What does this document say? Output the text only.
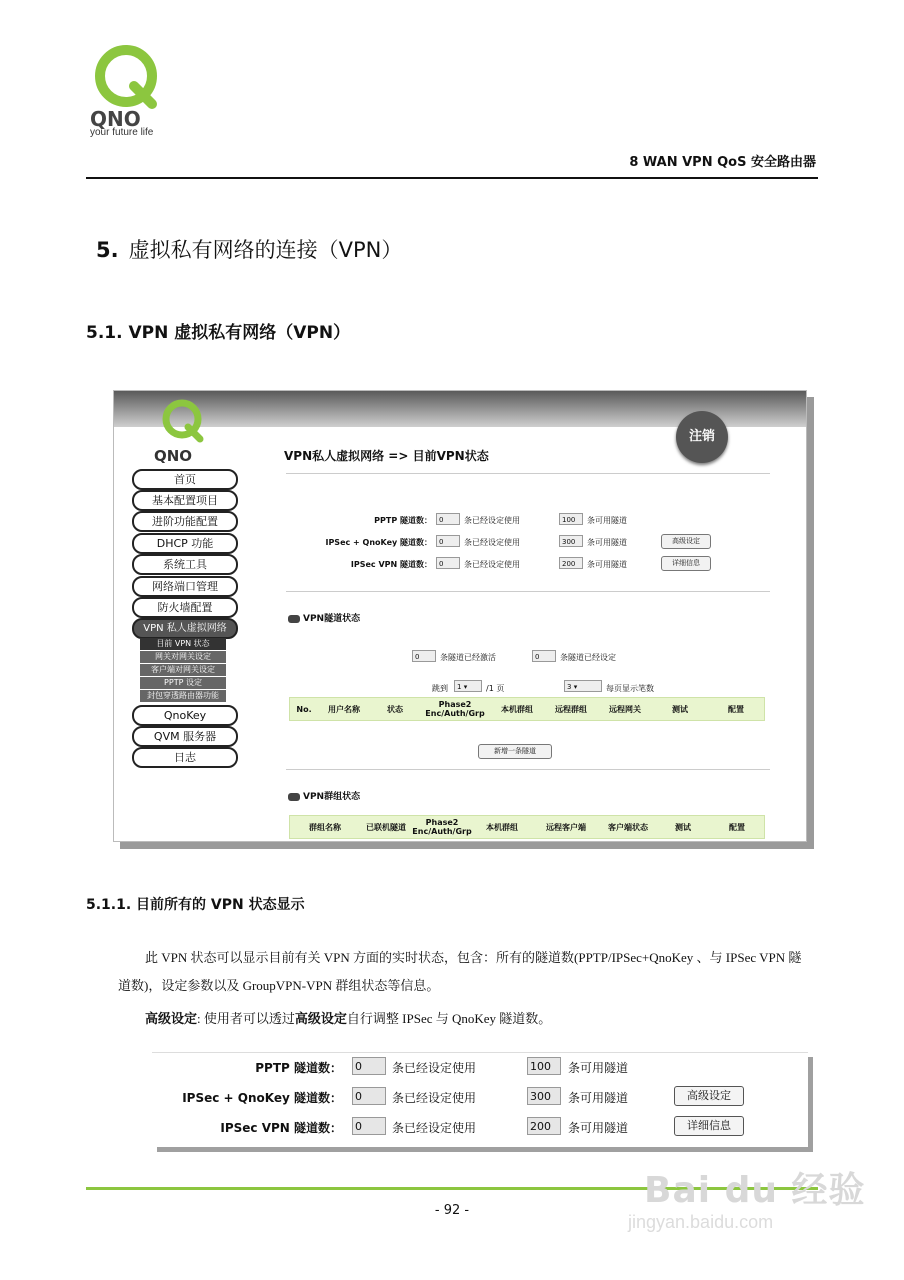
QNO
your future life
8 WAN VPN QoS 安全路由器
5. 虚拟私有网络的连接（VPN）
5.1. VPN 虚拟私有网络（VPN）
QNO	VPN私人虚拟网络 => 目前VPN状态
注销
首页
基本配置项目
进阶功能配置
DHCP 功能
系统工具
网络端口管理
防火墙配置
VPN 私人虚拟网络
目前 VPN 状态
网关对网关设定
客户端对网关设定
PPTP 设定
封包穿透路由器功能
QnoKey
QVM 服务器
日志
PPTP 隧道数：	0	条已经设定使用	100	条可用隧道
IPSec + QnoKey 隧道数：	0	条已经设定使用	300	条可用隧道	高级设定
IPSec VPN 隧道数：	0	条已经设定使用	200	条可用隧道	详细信息
VPN隧道状态
0	条隧道已经激活	0	条隧道已经设定
跳到	1 ▾	/1 页	3 ▾	每页显示笔数
No.	用户名称	状态	Phase2 Enc/Auth/Grp	本机群组	远程群组	远程网关	测试	配置
新增一条隧道
VPN群组状态
群组名称	已联机隧道	Phase2 Enc/Auth/Grp	本机群组	远程客户端	客户端状态	测试	配置
5.1.1. 目前所有的 VPN 状态显示
此 VPN 状态可以显示目前有关 VPN 方面的实时状态，包含：所有的隧道数(PPTP/IPSec+QnoKey 、与 IPSec VPN 隧道数)，设定参数以及 GroupVPN-VPN 群组状态等信息。
高级设定: 使用者可以透过高级设定自行调整 IPSec 与 QnoKey 隧道数。
PPTP 隧道数： 0	条已经设定使用	100	条可用隧道
IPSec + QnoKey 隧道数： 0	条已经设定使用	300	条可用隧道	高级设定
IPSec VPN 隧道数： 0	条已经设定使用	200	条可用隧道	详细信息
- 92 -	Bai du 经验
jingyan.baidu.com
